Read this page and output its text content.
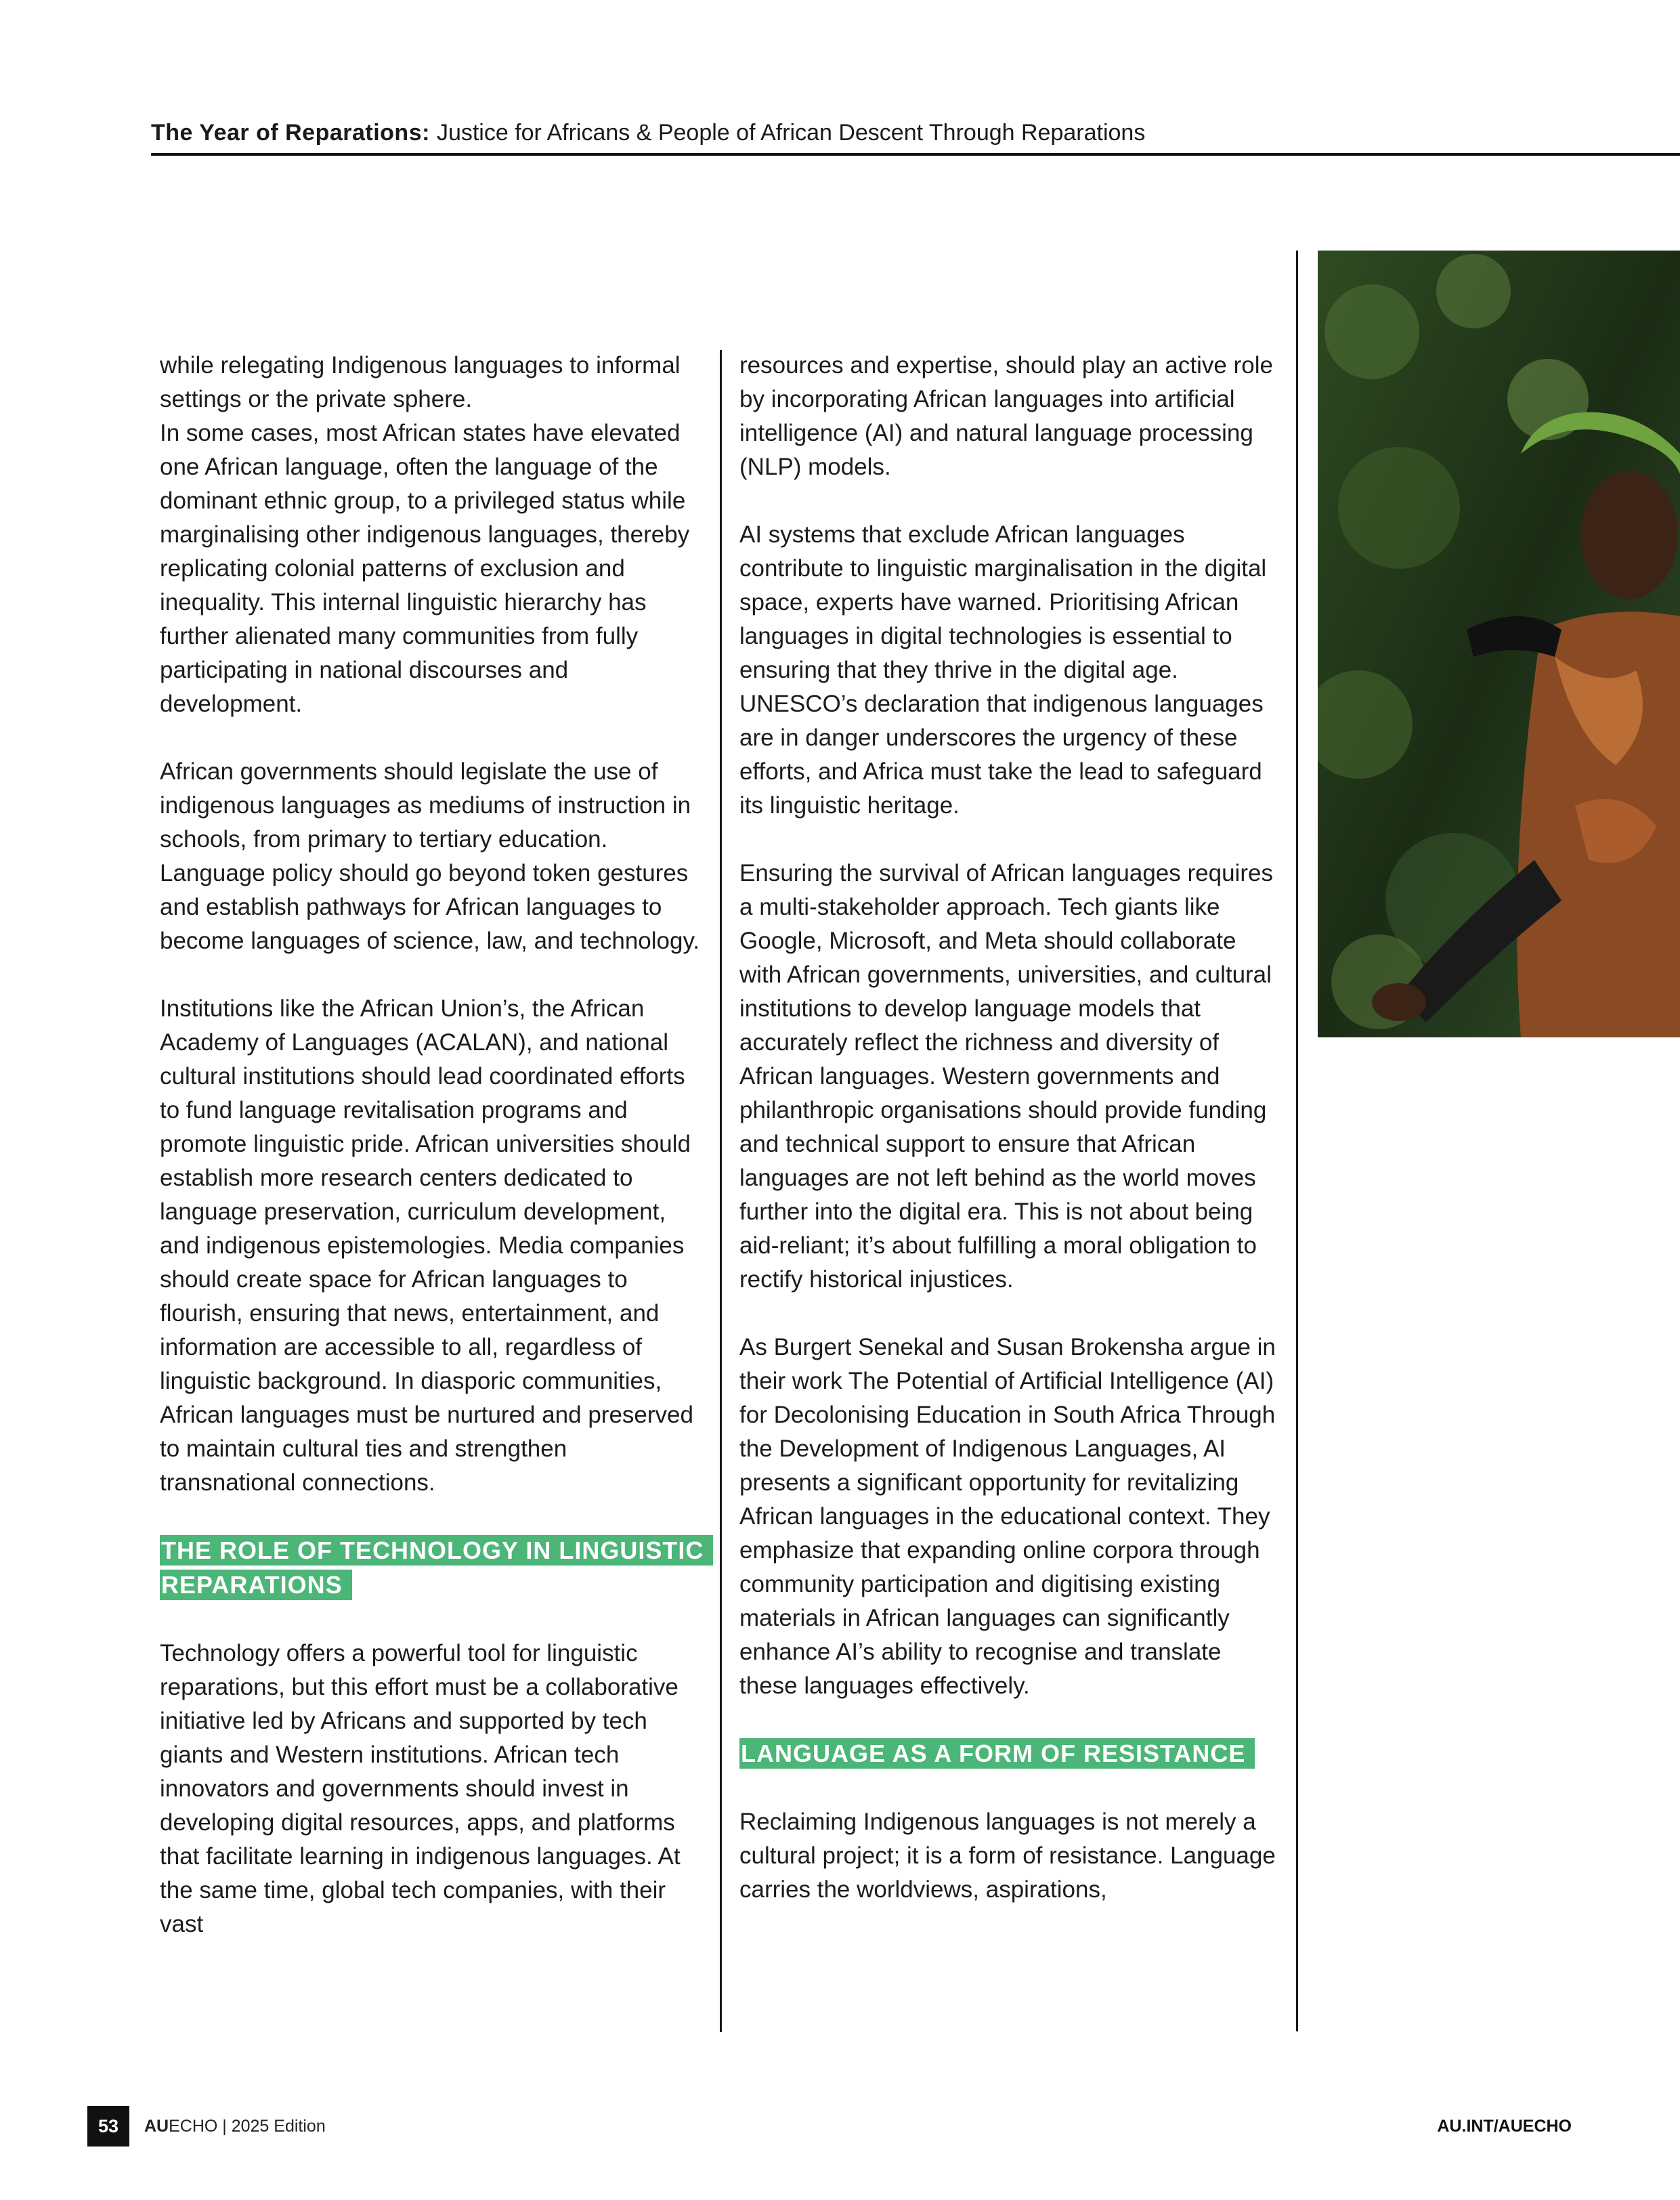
The Year of Reparations: Justice for Africans & People of African Descent Through Reparations

while relegating Indigenous languages to informal settings or the private sphere.

In some cases, most African states have elevated one African language, often the language of the dominant ethnic group, to a privileged status while marginalising other indigenous languages, thereby replicating colonial patterns of exclusion and inequality. This internal linguistic hierarchy has further alienated many communities from fully participating in national discourses and development.

African governments should legislate the use of indigenous languages as mediums of instruction in schools, from primary to tertiary education. Language policy should go beyond token gestures and establish pathways for African languages to become languages of science, law, and technology.

Institutions like the African Union’s, the African Academy of Languages (ACALAN), and national cultural institutions should lead coordinated efforts to fund language revitalisation programs and promote linguistic pride. African universities should establish more research centers dedicated to language preservation, curriculum development, and indigenous epistemologies. Media companies should create space for African languages to flourish, ensuring that news, entertainment, and information are accessible to all, regardless of linguistic background. In diasporic communities, African languages must be nurtured and preserved to maintain cultural ties and strengthen transnational connections.

THE ROLE OF TECHNOLOGY IN LINGUISTIC REPARATIONS

Technology offers a powerful tool for linguistic reparations, but this effort must be a collaborative initiative led by Africans and supported by tech giants and Western institutions. African tech innovators and governments should invest in developing digital resources, apps, and platforms that facilitate learning in indigenous languages. At the same time, global tech companies, with their vast

resources and expertise, should play an active role by incorporating African languages into artificial intelligence (AI) and natural language processing (NLP) models.

AI systems that exclude African languages contribute to linguistic marginalisation in the digital space, experts have warned. Prioritising African languages in digital technologies is essential to ensuring that they thrive in the digital age. UNESCO’s declaration that indigenous languages are in danger underscores the urgency of these efforts, and Africa must take the lead to safeguard its linguistic heritage.

Ensuring the survival of African languages requires a multi-stakeholder approach. Tech giants like Google, Microsoft, and Meta should collaborate with African governments, universities, and cultural institutions to develop language models that accurately reflect the richness and diversity of African languages. Western governments and philanthropic organisations should provide funding and technical support to ensure that African languages are not left behind as the world moves further into the digital era. This is not about being aid-reliant; it’s about fulfilling a moral obligation to rectify historical injustices.

As Burgert Senekal and Susan Brokensha argue in their work The Potential of Artificial Intelligence (AI) for Decolonising Education in South Africa Through the Development of Indigenous Languages, AI presents a significant opportunity for revitalizing African languages in the educational context. They emphasize that expanding online corpora through community participation and digitising existing materials in African languages can significantly enhance AI’s ability to recognise and translate these languages effectively.

LANGUAGE AS A FORM OF RESISTANCE

Reclaiming Indigenous languages is not merely a cultural project; it is a form of resistance. Language carries the worldviews, aspirations,

53	AUECHO | 2025 Edition	AU.INT/AUECHO
